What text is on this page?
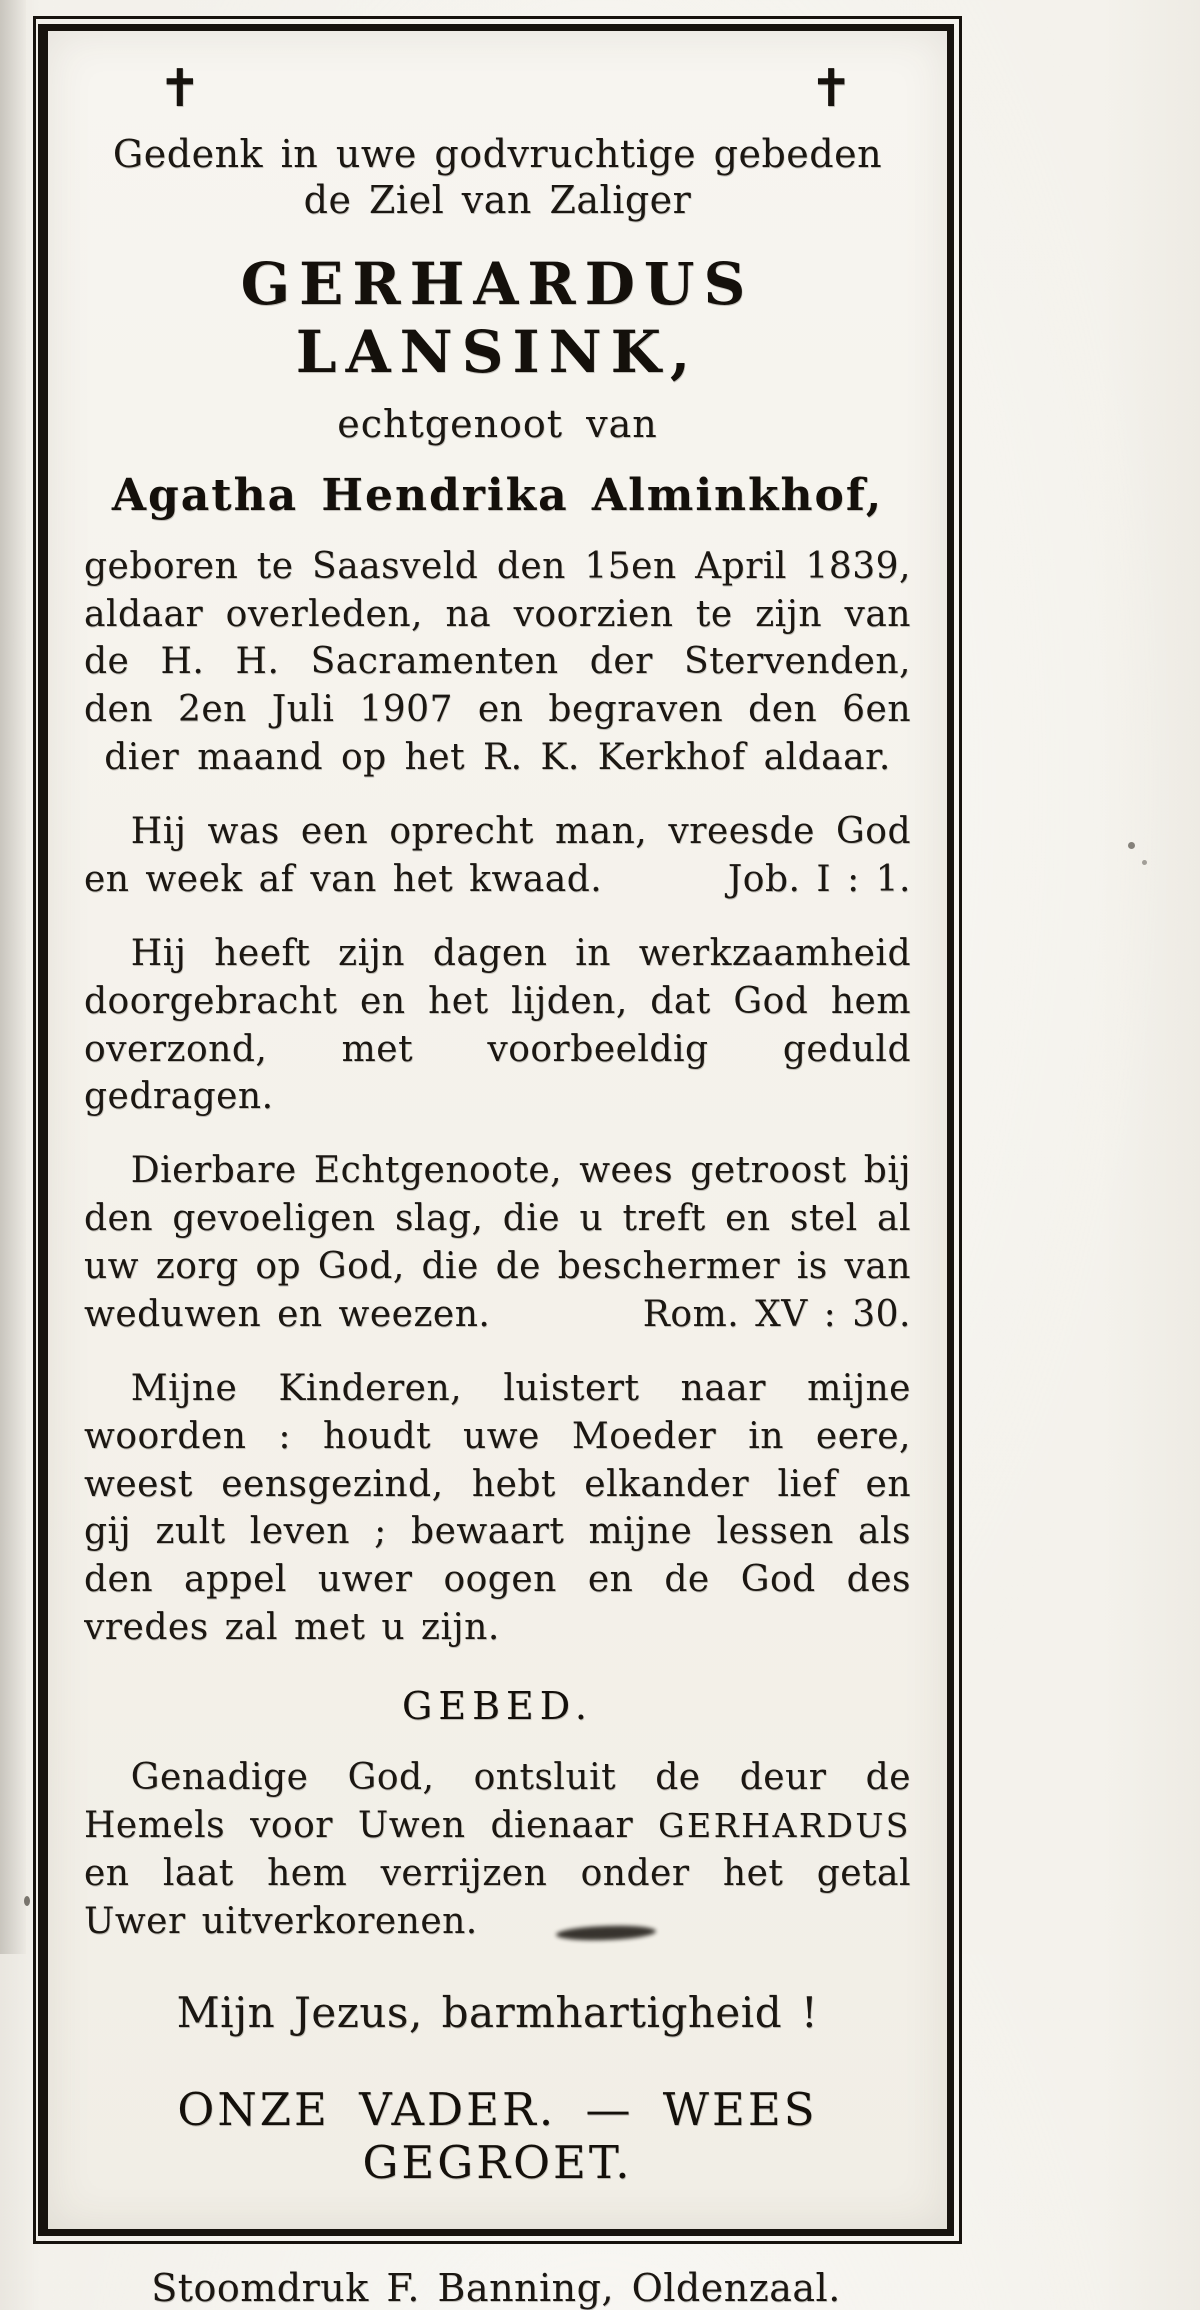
✝	✝
Gedenk in uwe godvruchtige gebeden
de Ziel van Zaliger
GERHARDUS LANSINK,
echtgenoot van
Agatha Hendrika Alminkhof,

geboren te Saasveld den 15en April 1839, aldaar overleden, na voorzien te zijn van de H. H. Sacramenten der Stervenden, den 2en Juli 1907 en begraven den 6en dier maand op het R. K. Kerkhof aldaar.

Hij was een oprecht man, vreesde God en week af van het kwaad.	Job. I : 1.

Hij heeft zijn dagen in werkzaamheid doorgebracht en het lijden, dat God hem overzond, met voorbeeldig geduld gedragen.

Dierbare Echtgenoote, wees getroost bij den gevoeligen slag, die u treft en stel al uw zorg op God, die de beschermer is van weduwen en weezen.	Rom. XV : 30.

Mijne Kinderen, luistert naar mijne woorden : houdt uwe Moeder in eere, weest eensgezind, hebt elkander lief en gij zult leven ; bewaart mijne lessen als den appel uwer oogen en de God des vredes zal met u zijn.

GEBED.

Genadige God, ontsluit de deur de Hemels voor Uwen dienaar GERHARDUS en laat hem verrijzen onder het getal Uwer uitverkorenen.

Mijn Jezus, barmhartigheid !
ONZE VADER. — WEES GEGROET.
Stoomdruk F. Banning, Oldenzaal.
